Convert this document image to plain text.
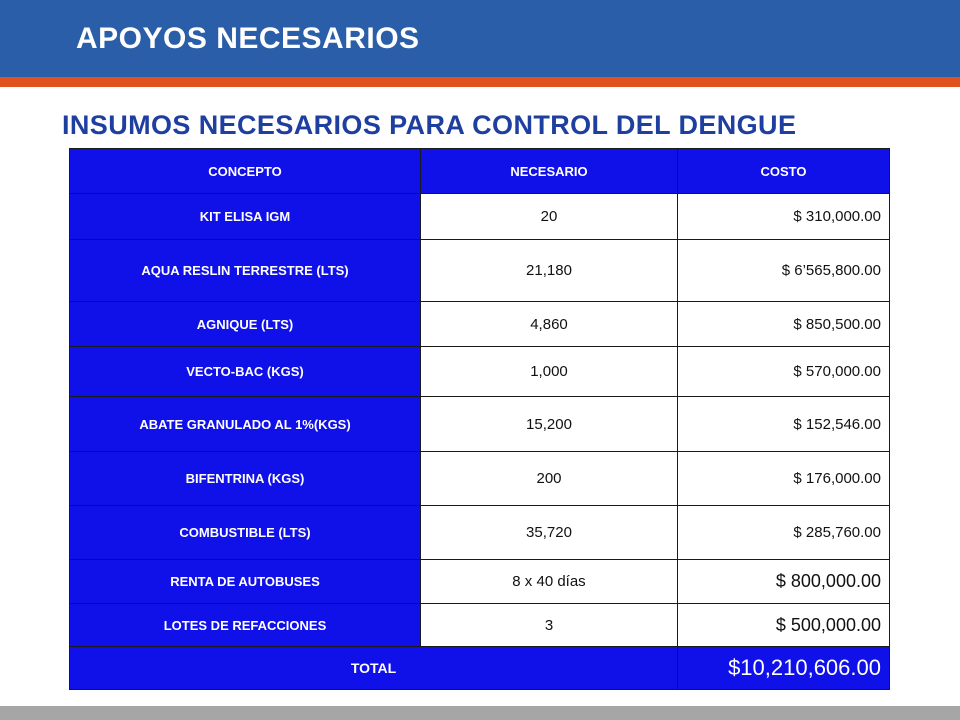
APOYOS NECESARIOS
INSUMOS NECESARIOS PARA CONTROL DEL DENGUE
CONCEPTO	NECESARIO	COSTO
KIT ELISA IGM	20	$ 310,000.00
AQUA RESLIN TERRESTRE (LTS)	21,180	$ 6’565,800.00
AGNIQUE (LTS)	4,860	$ 850,500.00
VECTO-BAC (KGS)	1,000	$ 570,000.00
ABATE GRANULADO AL 1%(KGS)	15,200	$ 152,546.00
BIFENTRINA (KGS)	200	$ 176,000.00
COMBUSTIBLE (LTS)	35,720	$ 285,760.00
RENTA DE AUTOBUSES	8 x 40 días	$ 800,000.00
LOTES DE REFACCIONES	3	$ 500,000.00
TOTAL		$10,210,606.00
